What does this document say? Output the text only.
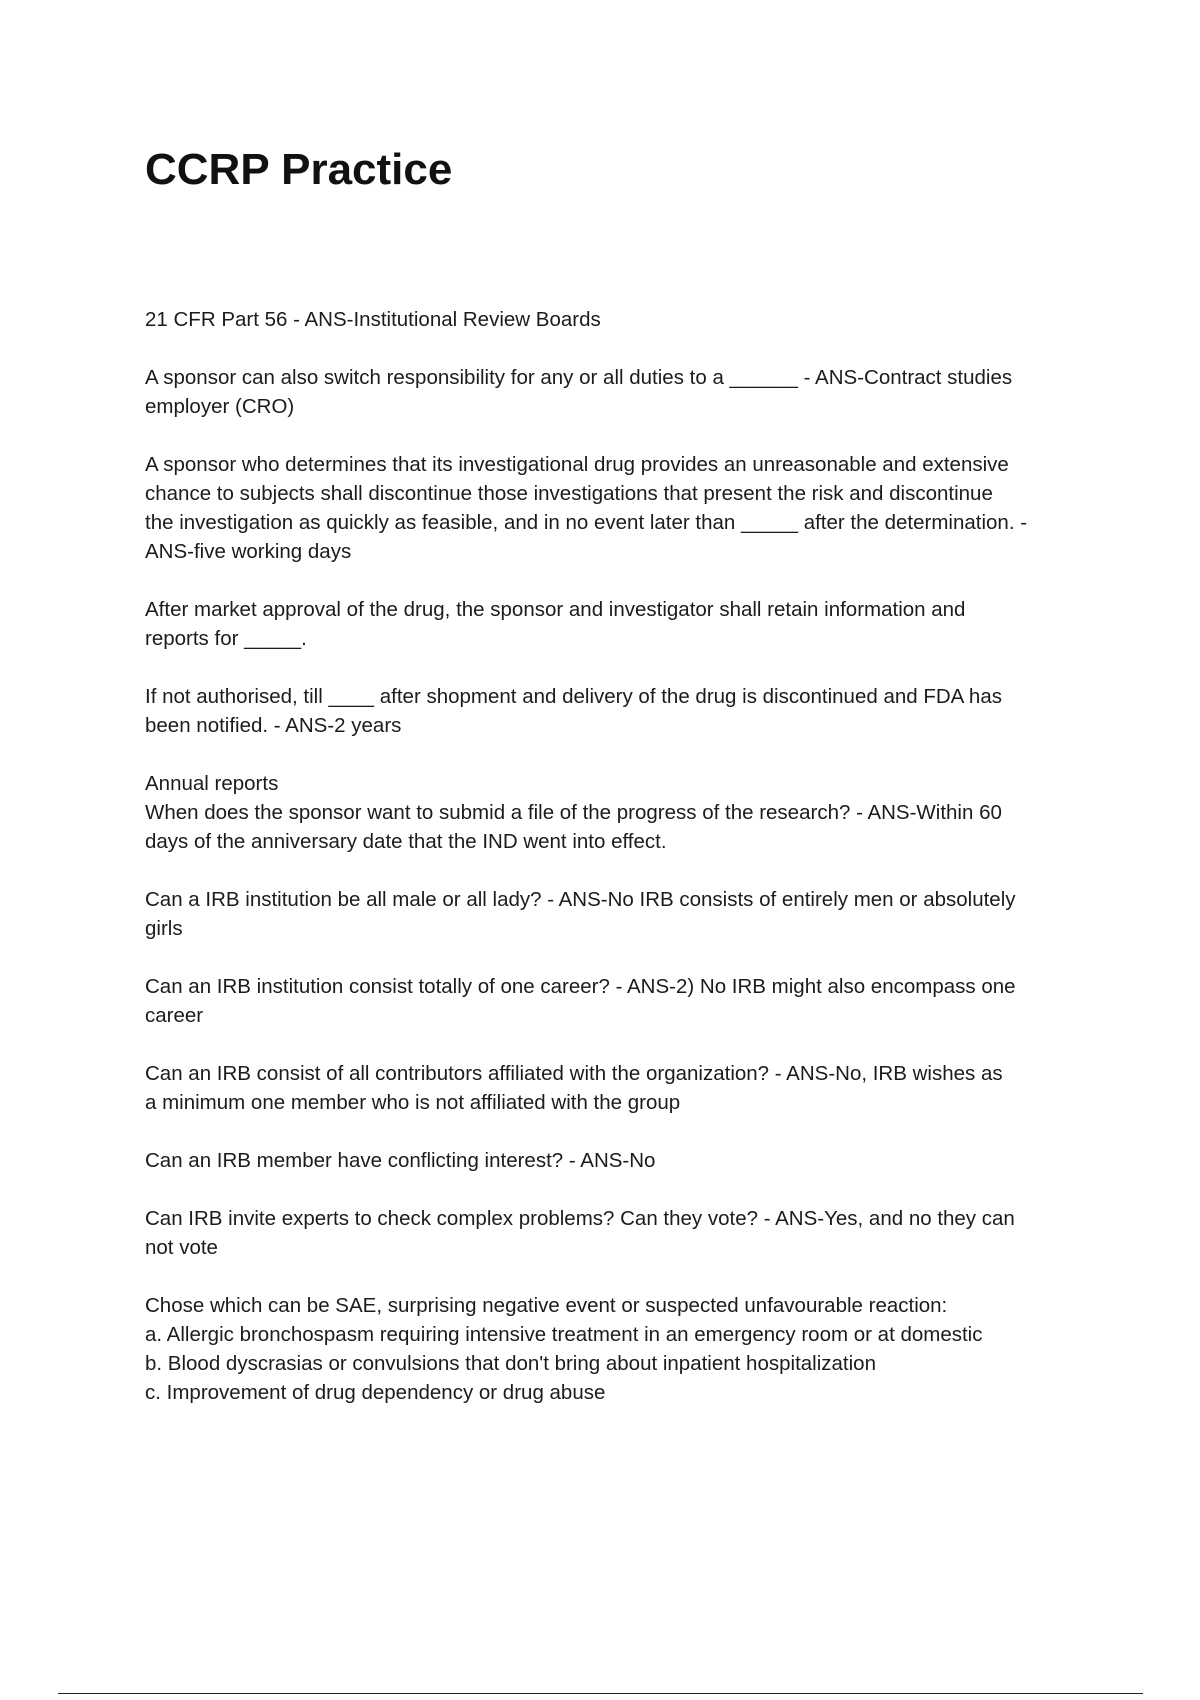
CCRP Practice

21 CFR Part 56 - ANS-Institutional Review Boards

A sponsor can also switch responsibility for any or all duties to a ______ - ANS-Contract studies
employer (CRO)

A sponsor who determines that its investigational drug provides an unreasonable and extensive
chance to subjects shall discontinue those investigations that present the risk and discontinue
the investigation as quickly as feasible, and in no event later than _____ after the determination. -
ANS-five working days

After market approval of the drug, the sponsor and investigator shall retain information and
reports for _____.

If not authorised, till ____ after shopment and delivery of the drug is discontinued and FDA has
been notified. - ANS-2 years

Annual reports
When does the sponsor want to submid a file of the progress of the research? - ANS-Within 60
days of the anniversary date that the IND went into effect.

Can a IRB institution be all male or all lady? - ANS-No IRB consists of entirely men or absolutely
girls

Can an IRB institution consist totally of one career? - ANS-2) No IRB might also encompass one
career

Can an IRB consist of all contributors affiliated with the organization? - ANS-No, IRB wishes as
a minimum one member who is not affiliated with the group

Can an IRB member have conflicting interest? - ANS-No

Can IRB invite experts to check complex problems? Can they vote? - ANS-Yes, and no they can
not vote

Chose which can be SAE, surprising negative event or suspected unfavourable reaction:
a. Allergic bronchospasm requiring intensive treatment in an emergency room or at domestic
b. Blood dyscrasias or convulsions that don't bring about inpatient hospitalization
c. Improvement of drug dependency or drug abuse
